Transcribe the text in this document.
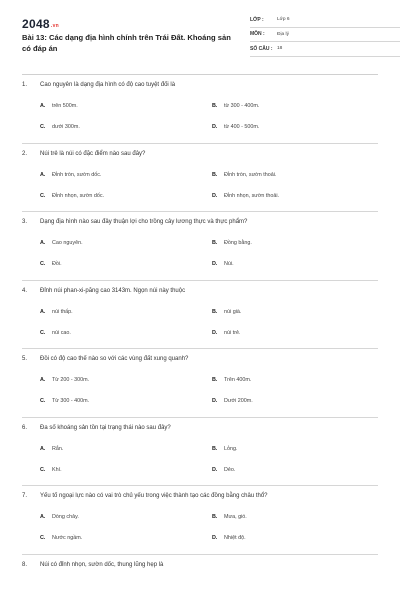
2048.vn
Bài 13: Các dạng địa hình chính trên Trái Đất. Khoáng sản có đáp án
LỚP :	Lớp 6
MÔN :	Địa lý
SỐ CÂU : 18
1. Cao nguyên là dạng địa hình có độ cao tuyệt đối là
A. trên 500m.	B. từ 300 - 400m.
C. dưới 300m.	D. từ 400 - 500m.
2. Núi trẻ là núi có đặc điểm nào sau đây?
A. Đỉnh tròn, sườn dốc.	B. Đỉnh tròn, sườn thoải.
C. Đỉnh nhọn, sườn dốc.	D. Đỉnh nhọn, sườn thoải.
3. Dạng địa hình nào sau đây thuận lợi cho trồng cây lương thực và thực phẩm?
A. Cao nguyên.	B. Đồng bằng.
C. Đồi.	D. Núi.
4. Đỉnh núi phan-xi-păng cao 3143m. Ngọn núi này thuộc
A. núi thấp.	B. núi già.
C. núi cao.	D. núi trẻ.
5. Đồi có độ cao thế nào so với các vùng đất xung quanh?
A. Từ 200 - 300m.	B. Trên 400m.
C. Từ 300 - 400m.	D. Dưới 200m.
6. Đa số khoáng sản tồn tại trạng thái nào sau đây?
A. Rắn.	B. Lỏng.
C. Khí.	D. Dẻo.
7. Yếu tố ngoại lực nào có vai trò chủ yếu trong việc thành tạo các đồng bằng châu thổ?
A. Dòng chảy.	B. Mưa, gió.
C. Nước ngầm.	D. Nhiệt độ.
8. Núi có đỉnh nhọn, sườn dốc, thung lũng hẹp là
